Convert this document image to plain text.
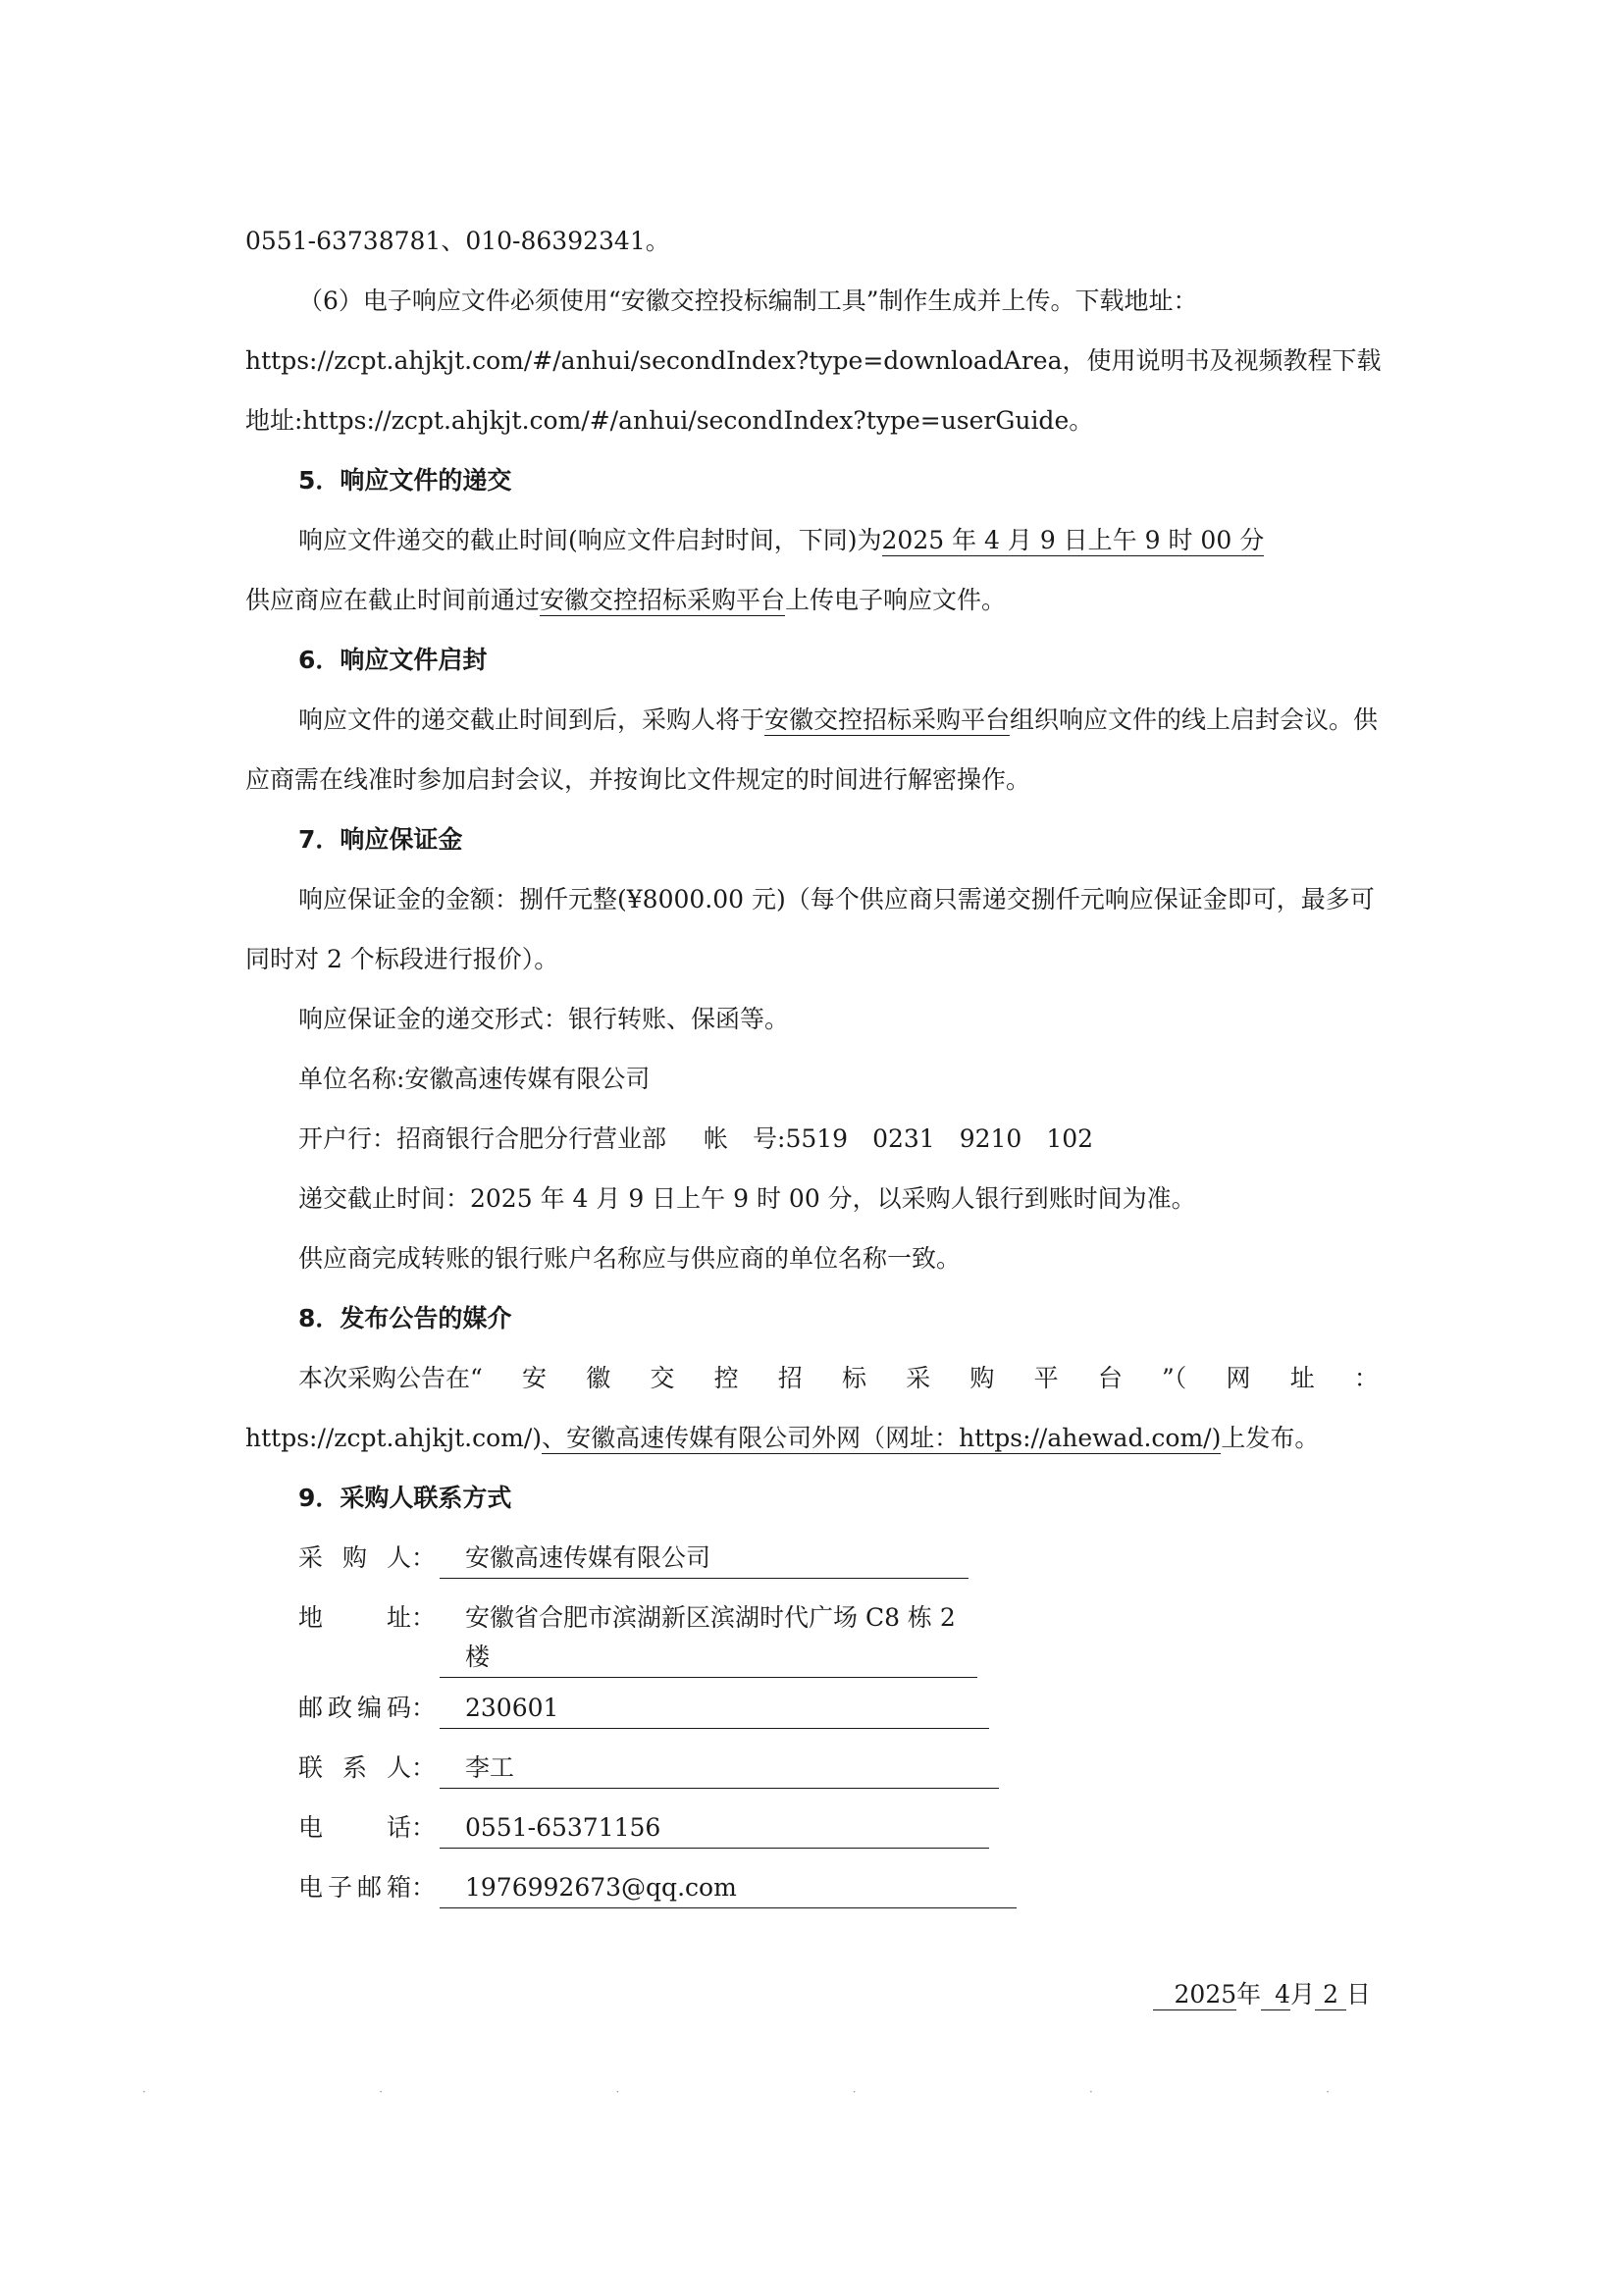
0551-63738781、010-86392341。
（6）电子响应文件必须使用“安徽交控投标编制工具”制作生成并上传。下载地址：
https://zcpt.ahjkjt.com/#/anhui/secondIndex?type=downloadArea，使用说明书及视频教程下载
地址:https://zcpt.ahjkjt.com/#/anhui/secondIndex?type=userGuide。
5．响应文件的递交
响应文件递交的截止时间(响应文件启封时间，下同)为2025 年 4 月 9 日上午 9 时 00 分
供应商应在截止时间前通过安徽交控招标采购平台上传电子响应文件。
6．响应文件启封
响应文件的递交截止时间到后，采购人将于安徽交控招标采购平台组织响应文件的线上启封会议。供应商需在线准时参加启封会议，并按询比文件规定的时间进行解密操作。
7．响应保证金
响应保证金的金额：捌仟元整(¥8000.00 元)（每个供应商只需递交捌仟元响应保证金即可，最多可同时对 2 个标段进行报价）。
响应保证金的递交形式：银行转账、保函等。
单位名称:安徽高速传媒有限公司
开户行：招商银行合肥分行营业部 帐　号:5519　0231　9210　102
递交截止时间：2025 年 4 月 9 日上午 9 时 00 分，以采购人银行到账时间为准。
供应商完成转账的银行账户名称应与供应商的单位名称一致。
8．发布公告的媒介
本次采购公告在“ 安 徽 交 控 招 标 采 购 平 台 ”（ 网 址 ：
https://zcpt.ahjkjt.com/)、安徽高速传媒有限公司外网（网址：https://ahewad.com/)上发布。
9．采购人联系方式
采 购 人：	安徽高速传媒有限公司
地	址：	安徽省合肥市滨湖新区滨湖时代广场 C8 栋 2 楼
邮 政 编 码：	230601
联 系 人：	李工
电	话：	0551-65371156
电 子 邮 箱：	1976992673@qq.com
2025年 4月 2 日
·	·	·	·	·	·
